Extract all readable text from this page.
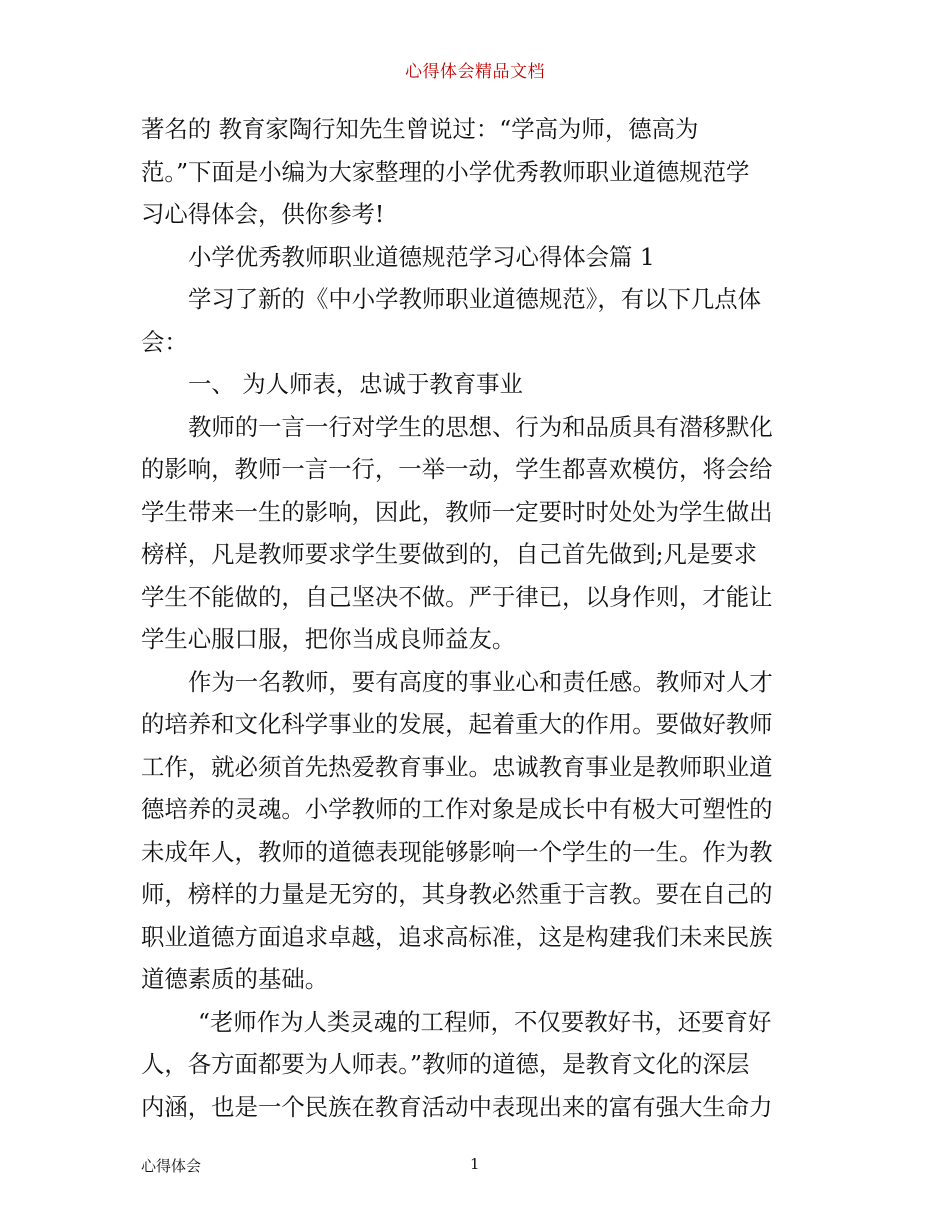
心得体会精品文档
著名的 教育家陶行知先生曾说过：“学高为师，德高为
范。”下面是小编为大家整理的小学优秀教师职业道德规范学
习心得体会，供你参考!
小学优秀教师职业道德规范学习心得体会篇 1
学习了新的《中小学教师职业道德规范》，有以下几点体
会：
一、 为人师表，忠诚于教育事业
教师的一言一行对学生的思想、行为和品质具有潜移默化
的影响，教师一言一行，一举一动，学生都喜欢模仿，将会给
学生带来一生的影响，因此，教师一定要时时处处为学生做出
榜样，凡是教师要求学生要做到的，自己首先做到;凡是要求
学生不能做的，自己坚决不做。严于律已，以身作则，才能让
学生心服口服，把你当成良师益友。
作为一名教师，要有高度的事业心和责任感。教师对人才
的培养和文化科学事业的发展，起着重大的作用。要做好教师
工作，就必须首先热爱教育事业。忠诚教育事业是教师职业道
德培养的灵魂。小学教师的工作对象是成长中有极大可塑性的
未成年人，教师的道德表现能够影响一个学生的一生。作为教
师，榜样的力量是无穷的，其身教必然重于言教。要在自己的
职业道德方面追求卓越，追求高标准，这是构建我们未来民族
道德素质的基础。
“老师作为人类灵魂的工程师，不仅要教好书，还要育好
人，各方面都要为人师表。”教师的道德，是教育文化的深层
内涵，也是一个民族在教育活动中表现出来的富有强大生命力
心得体会	1
